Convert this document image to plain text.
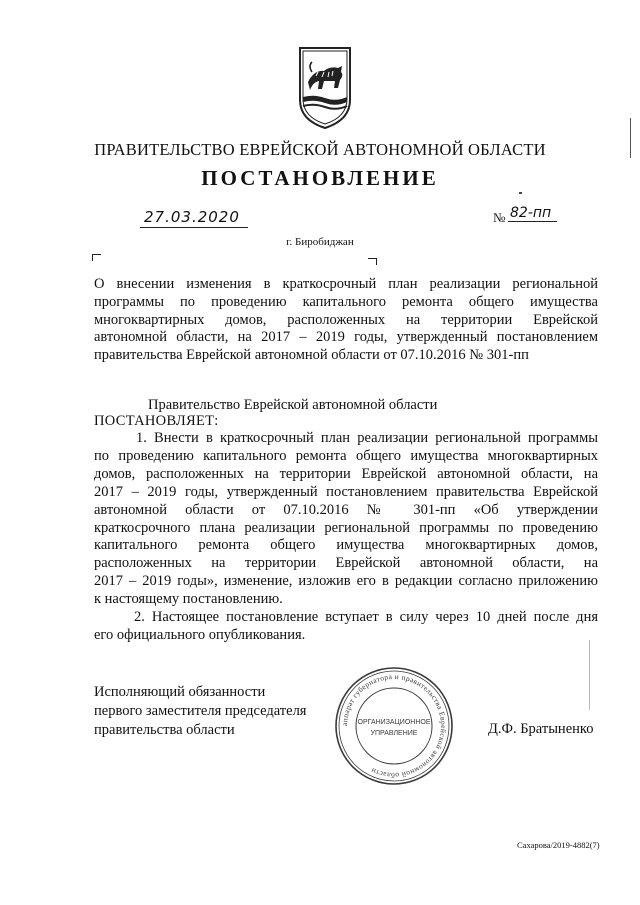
ПРАВИТЕЛЬСТВО ЕВРЕЙСКОЙ АВТОНОМНОЙ ОБЛАСТИ
ПОСТАНОВЛЕНИЕ
27.03.2020	№ 82-пп
г. Биробиджан
О внесении изменения в краткосрочный план реализации региональной
программы по проведению капитального ремонта общего имущества
многоквартирных домов, расположенных на территории Еврейской
автономной области, на 2017 – 2019 годы, утвержденный постановлением
правительства Еврейской автономной области от 07.10.2016 № 301-пп
Правительство Еврейской автономной области
ПОСТАНОВЛЯЕТ:
1. Внести в краткосрочный план реализации региональной программы
по проведению капитального ремонта общего имущества многоквартирных
домов, расположенных на территории Еврейской автономной области, на
2017 – 2019 годы, утвержденный постановлением правительства Еврейской
автономной области от 07.10.2016 № 301-пп «Об утверждении
краткосрочного плана реализации региональной программы по проведению
капитального ремонта общего имущества многоквартирных домов,
расположенных на территории Еврейской автономной области, на
2017 – 2019 годы», изменение, изложив его в редакции согласно приложению
к настоящему постановлению.
2. Настоящее постановление вступает в силу через 10 дней после дня
его официального опубликования.
Исполняющий обязанности
первого заместителя председателя
правительства области	аппарат губернатора и правительства Еврейской автономной области
ОРГАНИЗАЦИОННОЕ
УПРАВЛЕНИЕ	Д.Ф. Братыненко
Сахарова/2019-4882(7)
